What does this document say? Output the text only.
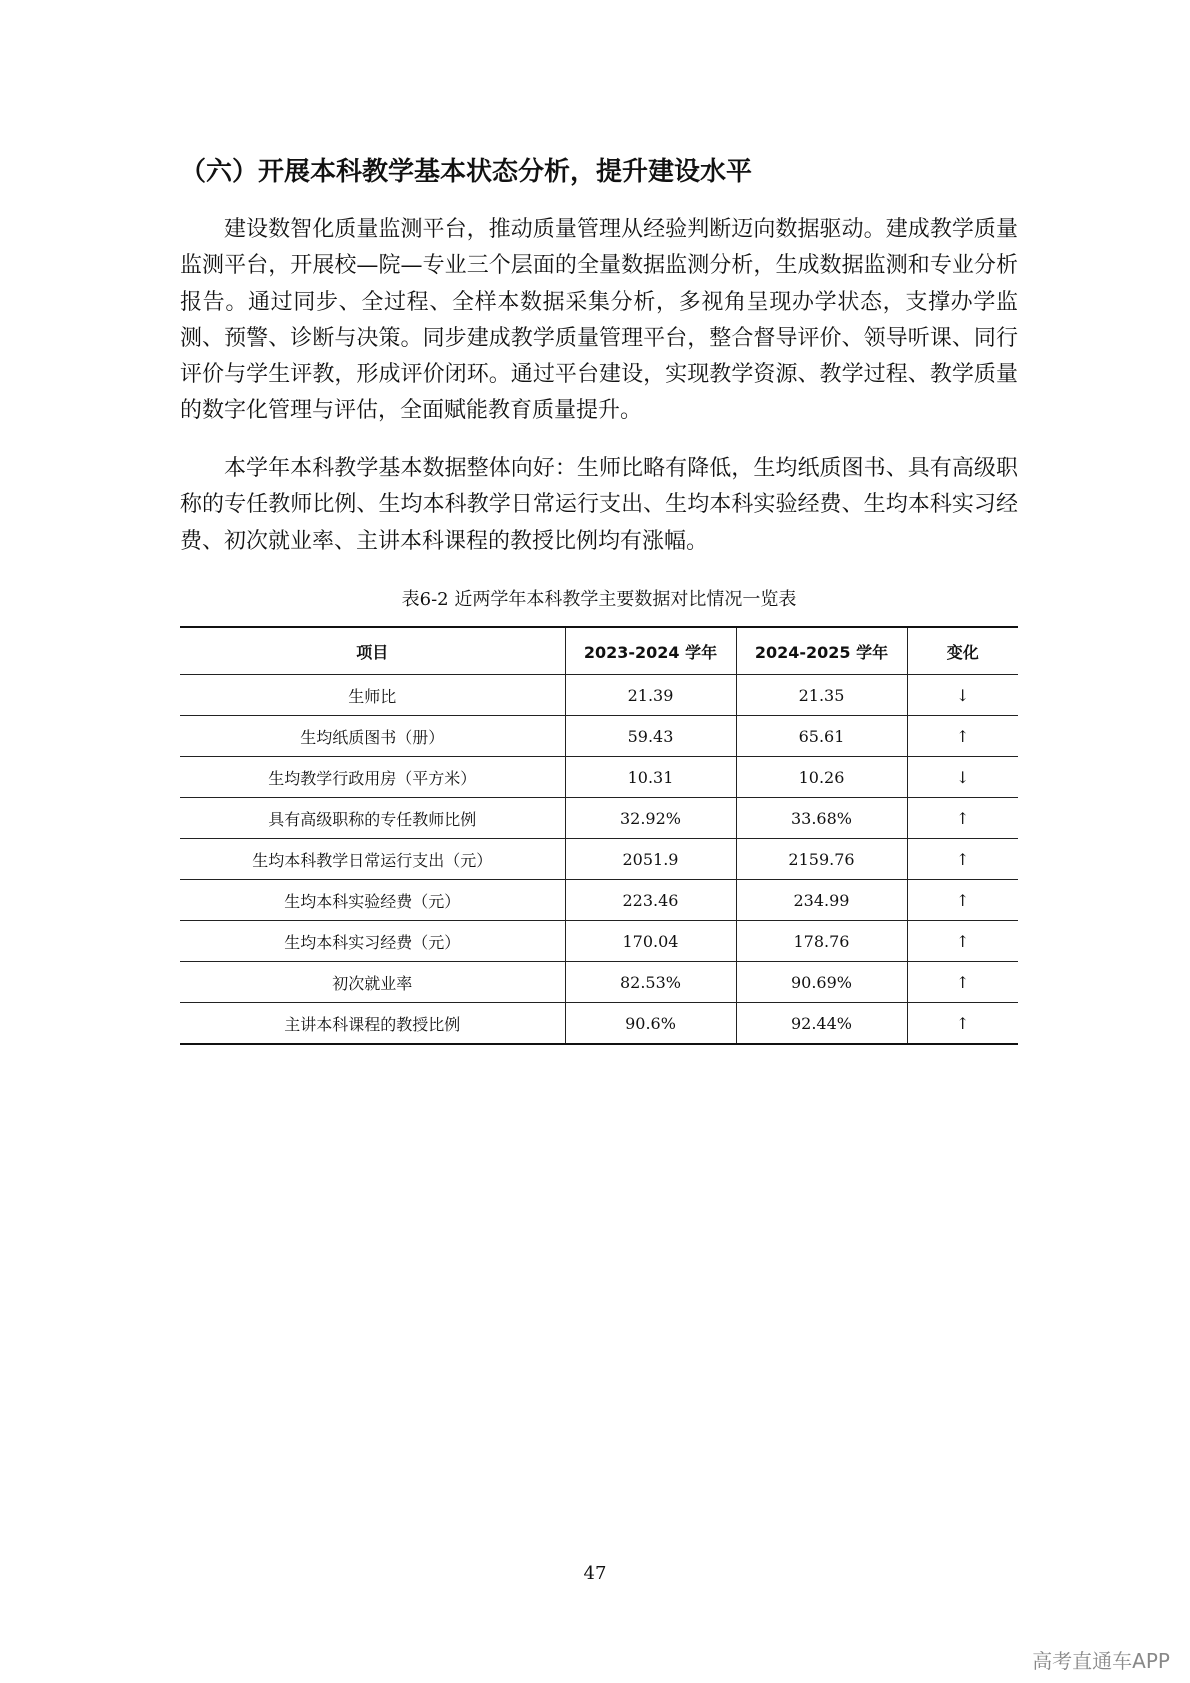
（六）开展本科教学基本状态分析，提升建设水平

建设数智化质量监测平台，推动质量管理从经验判断迈向数据驱动。建成教学质量监测平台，开展校—院—专业三个层面的全量数据监测分析，生成数据监测和专业分析报告。通过同步、全过程、全样本数据采集分析，多视角呈现办学状态，支撑办学监测、预警、诊断与决策。同步建成教学质量管理平台，整合督导评价、领导听课、同行评价与学生评教，形成评价闭环。通过平台建设，实现教学资源、教学过程、教学质量的数字化管理与评估，全面赋能教育质量提升。

本学年本科教学基本数据整体向好：生师比略有降低，生均纸质图书、具有高级职称的专任教师比例、生均本科教学日常运行支出、生均本科实验经费、生均本科实习经费、初次就业率、主讲本科课程的教授比例均有涨幅。

表6-2 近两学年本科教学主要数据对比情况一览表
项目	2023-2024 学年	2024-2025 学年	变化
生师比	21.39	21.35	↓
生均纸质图书（册）	59.43	65.61	↑
生均教学行政用房（平方米）	10.31	10.26	↓
具有高级职称的专任教师比例	32.92%	33.68%	↑
生均本科教学日常运行支出（元）	2051.9	2159.76	↑
生均本科实验经费（元）	223.46	234.99	↑
生均本科实习经费（元）	170.04	178.76	↑
初次就业率	82.53%	90.69%	↑
主讲本科课程的教授比例	90.6%	92.44%	↑
47
高考直通车APP
